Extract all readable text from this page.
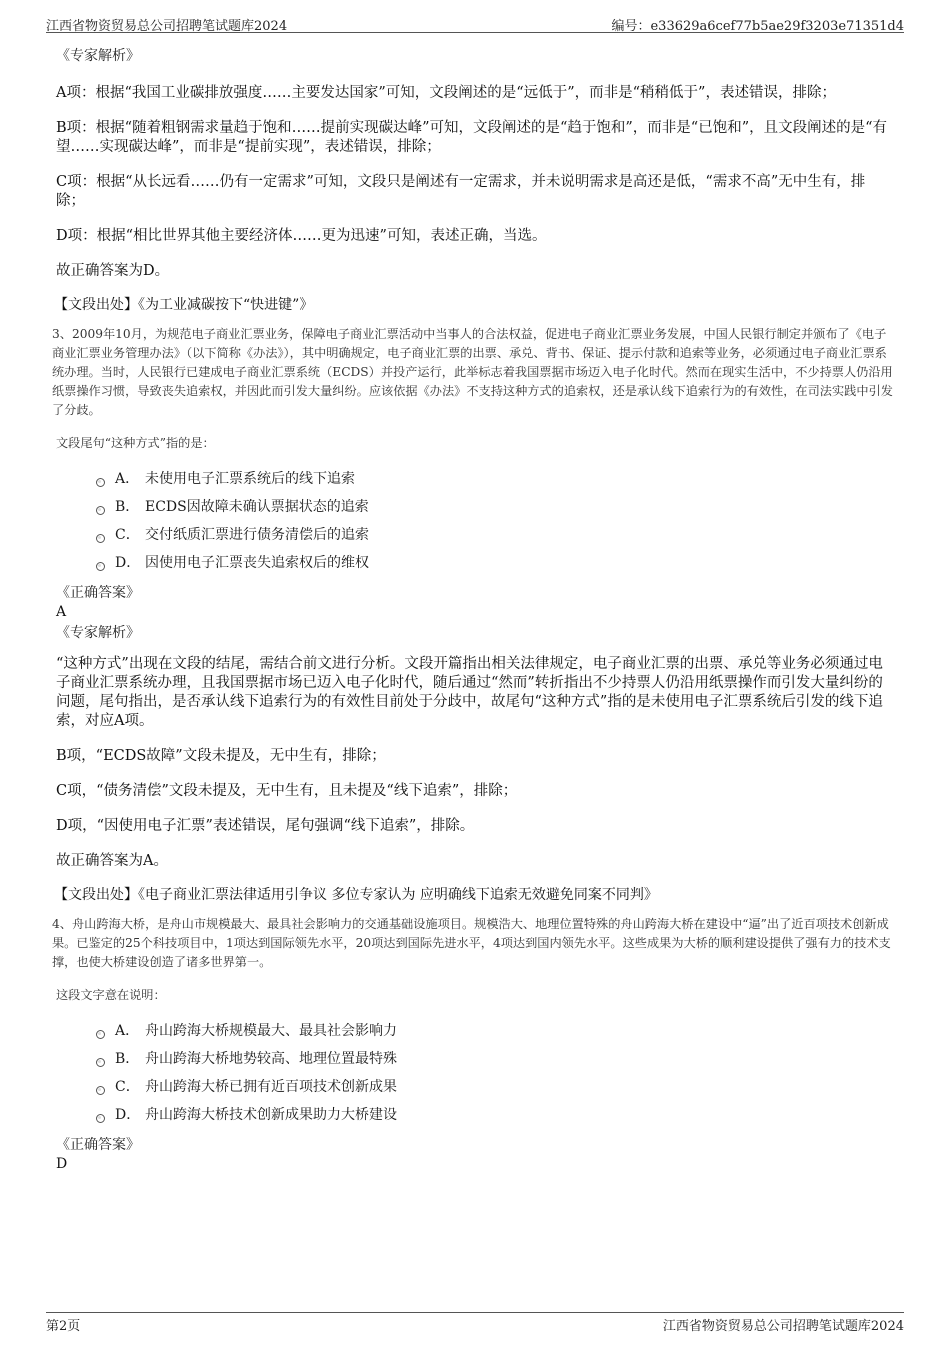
江西省物资贸易总公司招聘笔试题库2024	编号：e33629a6cef77b5ae29f3203e71351d4

《专家解析》

A项：根据“我国工业碳排放强度……主要发达国家”可知，文段阐述的是“远低于”，而非是“稍稍低于”，表述错误，排除；

B项：根据“随着粗钢需求量趋于饱和……提前实现碳达峰”可知，文段阐述的是“趋于饱和”，而非是“已饱和”，且文段阐述的是“有望……实现碳达峰”，而非是“提前实现”，表述错误，排除；

C项：根据“从长远看……仍有一定需求”可知，文段只是阐述有一定需求，并未说明需求是高还是低，“需求不高”无中生有，排除；

D项：根据“相比世界其他主要经济体……更为迅速”可知，表述正确，当选。

故正确答案为D。

【文段出处】《为工业减碳按下“快进键”》

3、2009年10月，为规范电子商业汇票业务，保障电子商业汇票活动中当事人的合法权益，促进电子商业汇票业务发展，中国人民银行制定并颁布了《电子商业汇票业务管理办法》（以下简称《办法》），其中明确规定，电子商业汇票的出票、承兑、背书、保证、提示付款和追索等业务，必须通过电子商业汇票系统办理。当时，人民银行已建成电子商业汇票系统（ECDS）并投产运行，此举标志着我国票据市场迈入电子化时代。然而在现实生活中，不少持票人仍沿用纸票操作习惯，导致丧失追索权，并因此而引发大量纠纷。应该依据《办法》不支持这种方式的追索权，还是承认线下追索行为的有效性，在司法实践中引发了分歧。

文段尾句“这种方式”指的是：

A． 未使用电子汇票系统后的线下追索
B． ECDS因故障未确认票据状态的追索
C． 交付纸质汇票进行债务清偿后的追索
D． 因使用电子汇票丧失追索权后的维权

《正确答案》

A

《专家解析》

“这种方式”出现在文段的结尾，需结合前文进行分析。文段开篇指出相关法律规定，电子商业汇票的出票、承兑等业务必须通过电子商业汇票系统办理，且我国票据市场已迈入电子化时代，随后通过“然而”转折指出不少持票人仍沿用纸票操作而引发大量纠纷的问题，尾句指出，是否承认线下追索行为的有效性目前处于分歧中，故尾句“这种方式”指的是未使用电子汇票系统后引发的线下追索，对应A项。

B项，“ECDS故障”文段未提及，无中生有，排除；

C项，“债务清偿”文段未提及，无中生有，且未提及“线下追索”，排除；

D项，“因使用电子汇票”表述错误，尾句强调“线下追索”，排除。

故正确答案为A。

【文段出处】《电子商业汇票法律适用引争议 多位专家认为 应明确线下追索无效避免同案不同判》

4、舟山跨海大桥，是舟山市规模最大、最具社会影响力的交通基础设施项目。规模浩大、地理位置特殊的舟山跨海大桥在建设中“逼”出了近百项技术创新成果。已鉴定的25个科技项目中，1项达到国际领先水平，20项达到国际先进水平，4项达到国内领先水平。这些成果为大桥的顺利建设提供了强有力的技术支撑，也使大桥建设创造了诸多世界第一。

这段文字意在说明：

A． 舟山跨海大桥规模最大、最具社会影响力
B． 舟山跨海大桥地势较高、地理位置最特殊
C． 舟山跨海大桥已拥有近百项技术创新成果
D． 舟山跨海大桥技术创新成果助力大桥建设

《正确答案》

D

第2页	江西省物资贸易总公司招聘笔试题库2024
